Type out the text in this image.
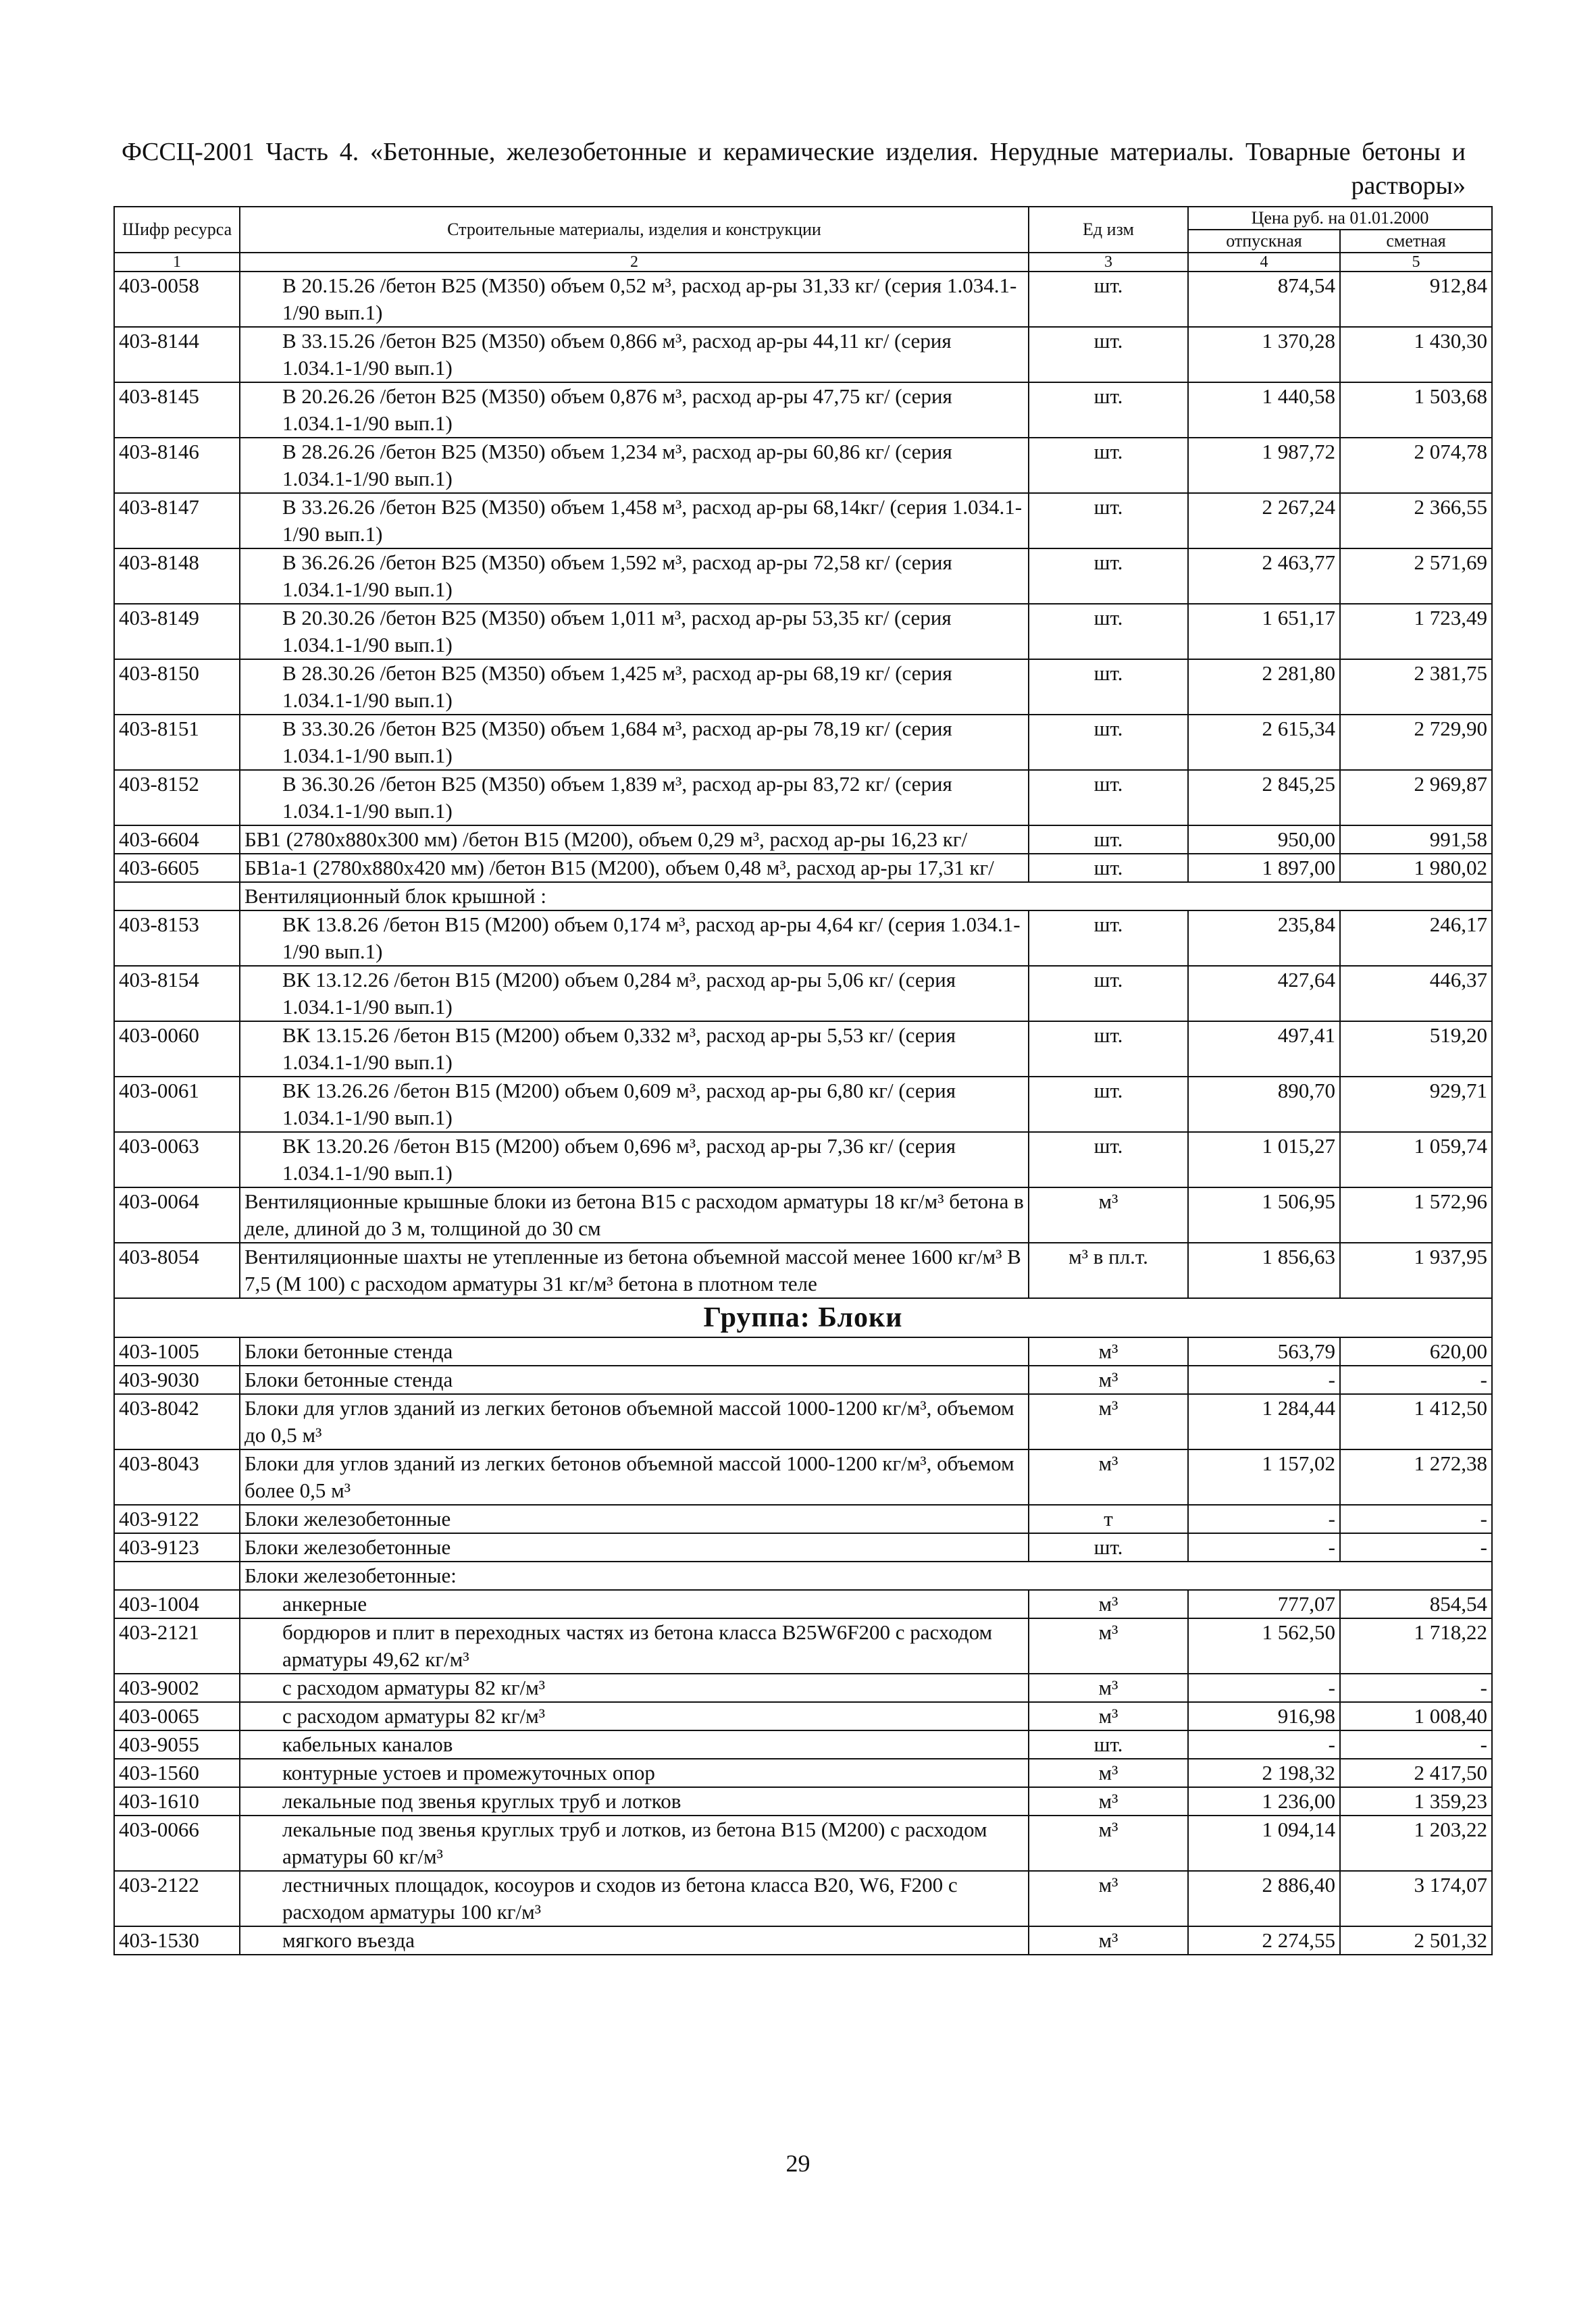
ФССЦ-2001 Часть 4. «Бетонные, железобетонные и керамические изделия. Нерудные материалы. Товарные бетоны и растворы»
Шифр ресурса	Строительные материалы, изделия и конструкции	Ед изм	Цена руб. на 01.01.2000	
			отпускная	сметная
1	2	3	4	5
403-0058	В 20.15.26 /бетон В25 (М350) объем 0,52 м³, расход ар-ры 31,33 кг/ (серия 1.034.1-1/90 вып.1)	шт.	874,54	912,84
403-8144	В 33.15.26 /бетон В25 (М350) объем 0,866 м³, расход ар-ры 44,11 кг/ (серия 1.034.1-1/90 вып.1)	шт.	1 370,28	1 430,30
403-8145	В 20.26.26 /бетон В25 (М350) объем 0,876 м³, расход ар-ры 47,75 кг/ (серия 1.034.1-1/90 вып.1)	шт.	1 440,58	1 503,68
403-8146	В 28.26.26 /бетон В25 (М350) объем 1,234 м³, расход ар-ры 60,86 кг/ (серия 1.034.1-1/90 вып.1)	шт.	1 987,72	2 074,78
403-8147	В 33.26.26 /бетон В25 (М350) объем 1,458 м³, расход ар-ры 68,14кг/ (серия 1.034.1-1/90 вып.1)	шт.	2 267,24	2 366,55
403-8148	В 36.26.26 /бетон В25 (М350) объем 1,592 м³, расход ар-ры 72,58 кг/ (серия 1.034.1-1/90 вып.1)	шт.	2 463,77	2 571,69
403-8149	В 20.30.26 /бетон В25 (М350) объем 1,011 м³, расход ар-ры 53,35 кг/ (серия 1.034.1-1/90 вып.1)	шт.	1 651,17	1 723,49
403-8150	В 28.30.26 /бетон В25 (М350) объем 1,425 м³, расход ар-ры 68,19 кг/ (серия 1.034.1-1/90 вып.1)	шт.	2 281,80	2 381,75
403-8151	В 33.30.26 /бетон В25 (М350) объем 1,684 м³, расход ар-ры 78,19 кг/ (серия 1.034.1-1/90 вып.1)	шт.	2 615,34	2 729,90
403-8152	В 36.30.26 /бетон В25 (М350) объем 1,839 м³, расход ар-ры 83,72 кг/ (серия 1.034.1-1/90 вып.1)	шт.	2 845,25	2 969,87
403-6604	БВ1 (2780х880х300 мм) /бетон В15 (М200), объем 0,29 м³, расход ар-ры 16,23 кг/	шт.	950,00	991,58
403-6605	БВ1а-1 (2780х880х420 мм) /бетон В15 (М200), объем 0,48 м³, расход ар-ры 17,31 кг/	шт.	1 897,00	1 980,02
	Вентиляционный блок крышной :			
403-8153	ВК 13.8.26 /бетон В15 (М200) объем 0,174 м³, расход ар-ры 4,64 кг/ (серия 1.034.1-1/90 вып.1)	шт.	235,84	246,17
403-8154	ВК 13.12.26 /бетон В15 (М200) объем 0,284 м³, расход ар-ры 5,06 кг/ (серия 1.034.1-1/90 вып.1)	шт.	427,64	446,37
403-0060	ВК 13.15.26 /бетон В15 (М200) объем 0,332 м³, расход ар-ры 5,53 кг/ (серия 1.034.1-1/90 вып.1)	шт.	497,41	519,20
403-0061	ВК 13.26.26 /бетон В15 (М200) объем 0,609 м³, расход ар-ры 6,80 кг/ (серия 1.034.1-1/90 вып.1)	шт.	890,70	929,71
403-0063	ВК 13.20.26 /бетон В15 (М200) объем 0,696 м³, расход ар-ры 7,36 кг/ (серия 1.034.1-1/90 вып.1)	шт.	1 015,27	1 059,74
403-0064	Вентиляционные крышные блоки из бетона В15 с расходом арматуры 18 кг/м³ бетона в деле, длиной до 3 м, толщиной до 30 см	м³	1 506,95	1 572,96
403-8054	Вентиляционные шахты не утепленные из бетона объемной массой менее 1600 кг/м³ В 7,5 (М 100) с расходом арматуры 31 кг/м³ бетона в плотном теле	м³ в пл.т.	1 856,63	1 937,95
Группа: Блоки				
403-1005	Блоки бетонные стенда	м³	563,79	620,00
403-9030	Блоки бетонные стенда	м³	-	-
403-8042	Блоки для углов зданий из легких бетонов объемной массой 1000-1200 кг/м³, объемом до 0,5 м³	м³	1 284,44	1 412,50
403-8043	Блоки для углов зданий из легких бетонов объемной массой 1000-1200 кг/м³, объемом более 0,5 м³	м³	1 157,02	1 272,38
403-9122	Блоки железобетонные	т	-	-
403-9123	Блоки железобетонные	шт.	-	-
	Блоки железобетонные:			
403-1004	анкерные	м³	777,07	854,54
403-2121	бордюров и плит в переходных частях из бетона класса B25W6F200 с расходом арматуры 49,62 кг/м³	м³	1 562,50	1 718,22
403-9002	с расходом арматуры 82 кг/м³	м³	-	-
403-0065	с расходом арматуры 82 кг/м³	м³	916,98	1 008,40
403-9055	кабельных каналов	шт.	-	-
403-1560	контурные устоев и промежуточных опор	м³	2 198,32	2 417,50
403-1610	лекальные под звенья круглых труб и лотков	м³	1 236,00	1 359,23
403-0066	лекальные под звенья круглых труб и лотков, из бетона В15 (М200) с расходом арматуры 60 кг/м³	м³	1 094,14	1 203,22
403-2122	лестничных площадок, косоуров и сходов из бетона класса В20, W6, F200 с расходом арматуры 100 кг/м³	м³	2 886,40	3 174,07
403-1530	мягкого въезда	м³	2 274,55	2 501,32
29
